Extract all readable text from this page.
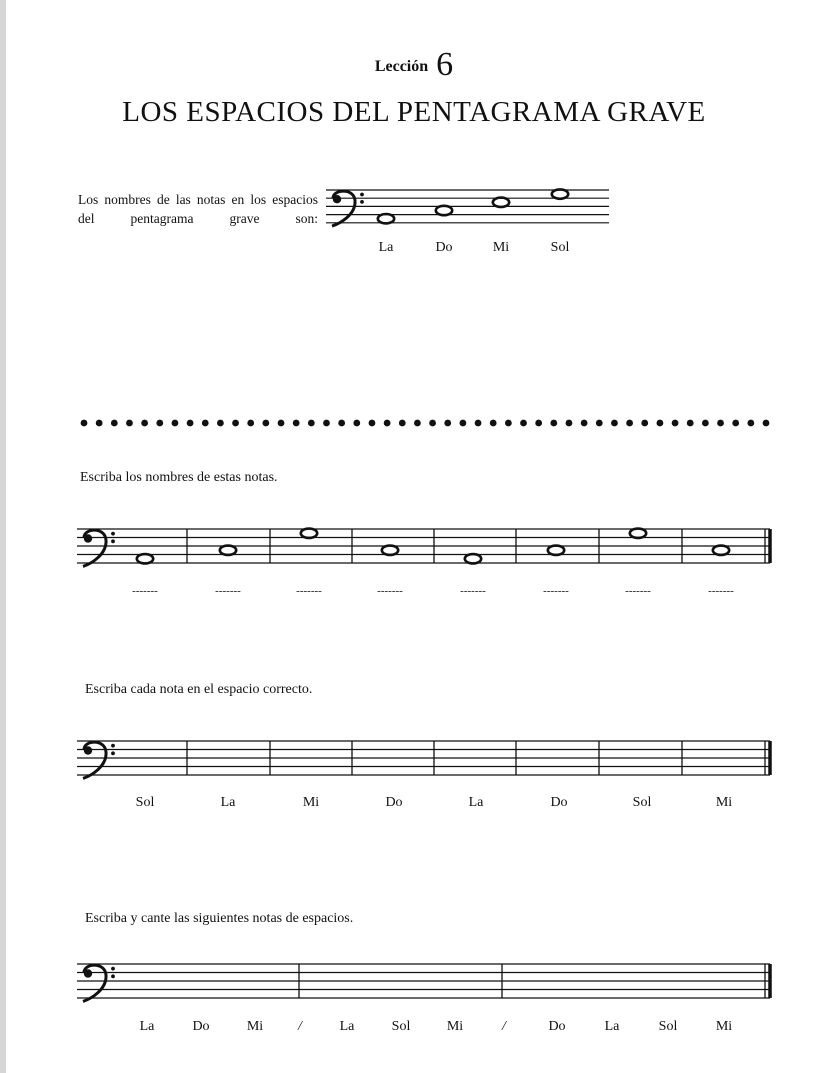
Lección 6
LOS ESPACIOS DEL PENTAGRAMA GRAVE
Los nombres de las notas en los espacios del pentagrama grave son:
Escriba los nombres de estas notas.
Escriba cada nota en el espacio correcto.
Escriba y cante las siguientes notas de espacios.
La	Do	Mi	Sol
-------	-------	-------	-------	-------	-------	-------	-------
Sol	La	Mi	Do	La	Do	Sol	Mi
La	Do	Mi /	La	Sol	Mi	/	Do	La	Sol	Mi
